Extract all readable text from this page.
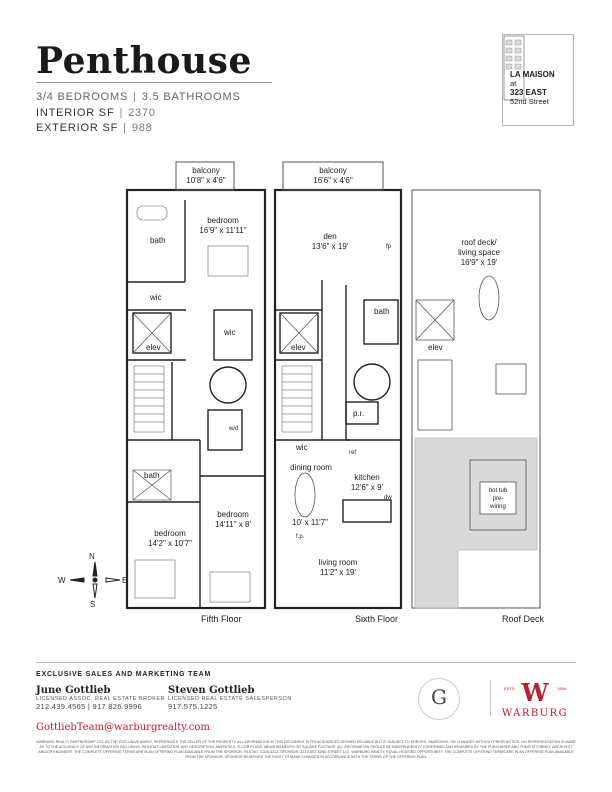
Penthouse
3/4 BEDROOMS | 3.5 BATHROOMS
INTERIOR SF | 2370
EXTERIOR SF | 988
LA MAISON
at
323 EAST
52nd Street
Fifth Floor	Sixth Floor	Roof Deck
balcony
10'8" x 4'6"
bedroom
16'9" x 11'11"
bath
wic
wic
elev
w/d
bath
bedroom
14'11" x 8'
bedroom
14'2" x 10'7"
balcony
16'6" x 4'6"
den
13'6" x 19'	fp
bath
elev
p.r.
wic
ref
dining room
10' x 11'7"
kitchen
12'6" x 9'
dw
f.p.
living room
11'2" x 19'
roof deck/
living space
16'9" x 19'
elev
hot tub
pre-
wiring
N
E
S
W
EXCLUSIVE SALES AND MARKETING TEAM
June Gottlieb
LICENSED ASSOC. REAL ESTATE BROKER
212.439.4565 | 917.826.9996
Steven Gottlieb
LICENSED REAL ESTATE SALESPERSON
917.575.1225
GottliebTeam@warburgrealty.com
WARBURG REALTY PARTNERSHIP LTD, AS THE EXCLUSIVE AGENT, REPRESENTS THE SELLER OF THE PROPERTY. ALL INFORMATION IN THIS DOCUMENT IS FROM SOURCES DEEMED RELIABLE BUT IS SUBJECT TO ERRORS, OMISSIONS, OR CHANGES WITHOUT PRIOR NOTICE. NO REPRESENTATION IS MADE AS TO THE ACCURACY OF ANY INFORMATION INCLUDING, WITHOUT LIMITATION, ANY DESCRIPTION, AMENITIES, FLOOR PLANS, MEASUREMENTS OR SQUARE FOOTAGE. ALL INFORMATION SHOULD BE INDEPENDENTLY CONFIRMED AND REVIEWED BY THE PURCHASER AND THEIR ATTORNEY, ARCHITECT AND/OR ENGINEER. THE COMPLETE OFFERING TERMS ARE IN AN OFFERING PLAN AVAILABLE FROM THE SPONSOR. FILE NO. CD16-0312. SPONSOR: 323 EAST 52ND STREET LLC. WARBURG REALTY. EQUAL HOUSING OPPORTUNITY. THE COMPLETE OFFERING TERMS ARE IN AN OFFERING PLAN AVAILABLE FROM THE SPONSOR. SPONSOR RESERVES THE RIGHT TO MAKE CHANGES IN ACCORDANCE WITH THE TERMS OF THE OFFERING PLAN.
G	W
ESTD	1896
WARBURG
